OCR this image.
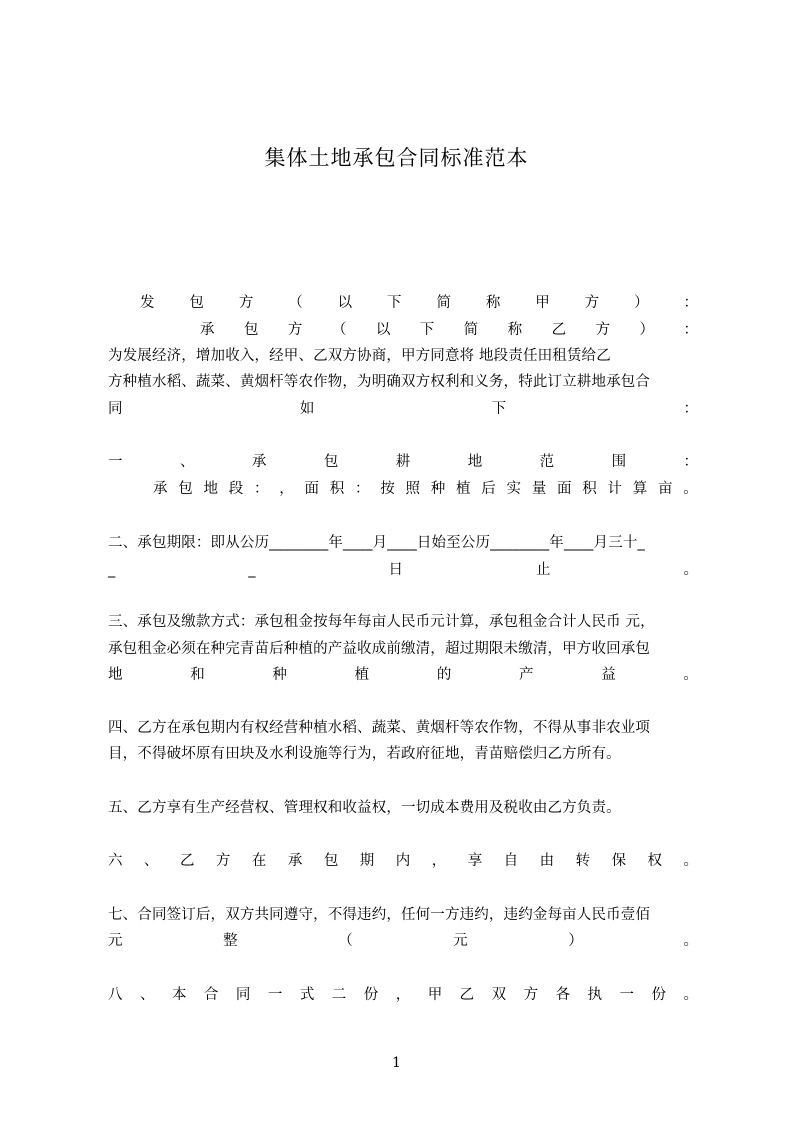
集体土地承包合同标准范本
发 包 方 （ 以 下 简 称 甲 方 ） ：
承 包 方 （ 以 下 简 称 乙 方 ） ：
为发展经济，增加收入，经甲、乙双方协商，甲方同意将 地段责任田租赁给乙
方种植水稻、蔬菜、黄烟杆等农作物，为明确双方权利和义务，特此订立耕地承包合
同	如	下	：
一	、	承	包	耕	地	范	围	：
承 包 地 段 ： ， 面 积 ： 按 照 种 植 后 实 量 面 积 计 算 亩 。
二、承包期限：即从公历________年____月____日始至公历________年____月三十_
_	_	日	止	。
三、承包及缴款方式：承包租金按每年每亩人民币元计算，承包租金合计人民币 元，
承包租金必须在种完青苗后种植的产益收成前缴清，超过期限未缴清，甲方收回承包
地	和	种	植	的	产	益	。
四、乙方在承包期内有权经营种植水稻、蔬菜、黄烟杆等农作物，不得从事非农业项
目，不得破坏原有田块及水利设施等行为，若政府征地，青苗赔偿归乙方所有。
五、乙方享有生产经营权、管理权和收益权，一切成本费用及税收由乙方负责。
六 、 乙 方 在 承 包 期 内 ， 享 自 由 转 保 权 。
七、合同签订后，双方共同遵守，不得违约，任何一方违约，违约金每亩人民币壹佰
元	整	（	元	）	。
八 、 本 合 同 一 式 二 份 ， 甲 乙 双 方 各 执 一 份 。
1
